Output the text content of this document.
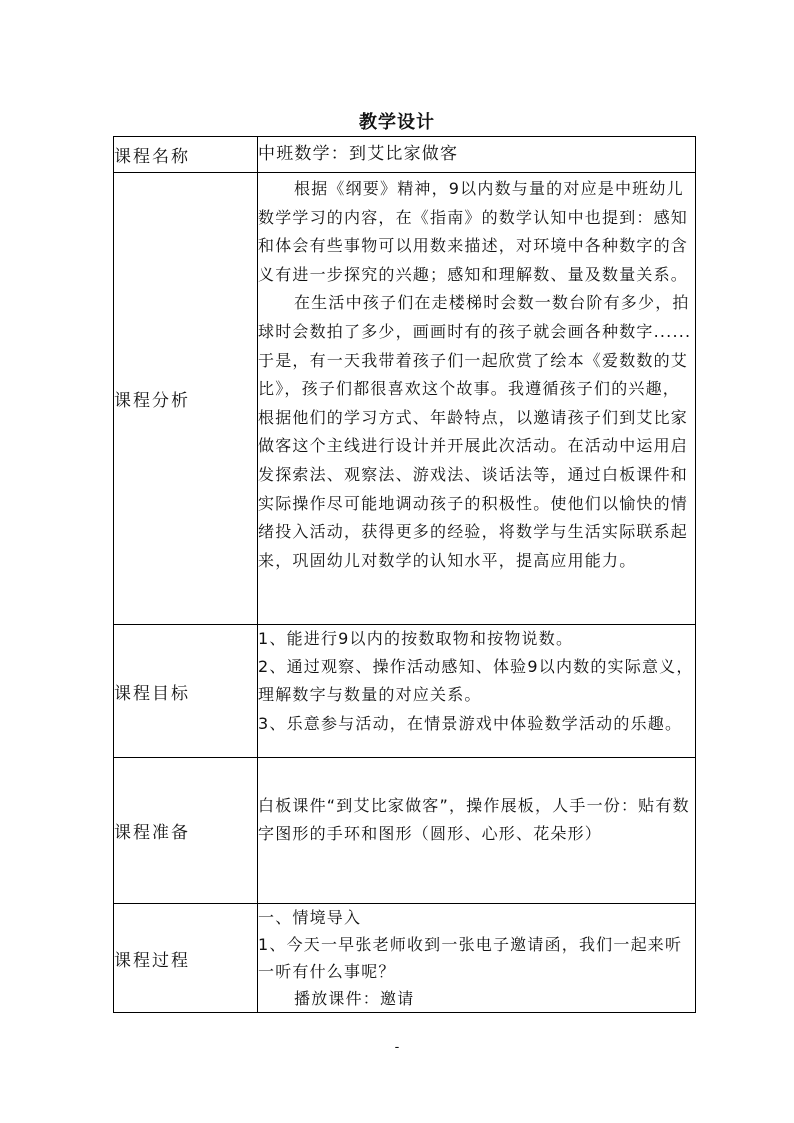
教学设计
课程名称	中班数学：到艾比家做客
课程分析	根据《纲要》精神，9以内数与量的对应是中班幼儿数学学习的内容，在《指南》的数学认知中也提到：感知和体会有些事物可以用数来描述，对环境中各种数字的含义有进一步探究的兴趣；感知和理解数、量及数量关系。

在生活中孩子们在走楼梯时会数一数台阶有多少，拍球时会数拍了多少，画画时有的孩子就会画各种数字......于是，有一天我带着孩子们一起欣赏了绘本《爱数数的艾比》，孩子们都很喜欢这个故事。我遵循孩子们的兴趣，根据他们的学习方式、年龄特点，以邀请孩子们到艾比家做客这个主线进行设计并开展此次活动。在活动中运用启发探索法、观察法、游戏法、谈话法等，通过白板课件和实际操作尽可能地调动孩子的积极性。使他们以愉快的情绪投入活动，获得更多的经验，将数学与生活实际联系起来，巩固幼儿对数学的认知水平，提高应用能力。

课程目标	1、能进行9以内的按数取物和按物说数。

2、通过观察、操作活动感知、体验9以内数的实际意义，理解数字与数量的对应关系。

3、乐意参与活动，在情景游戏中体验数学活动的乐趣。

课程准备	白板课件“到艾比家做客”，操作展板，人手一份：贴有数字图形的手环和图形（圆形、心形、花朵形）

课程过程	一、情境导入

1、今天一早张老师收到一张电子邀请函，我们一起来听一听有什么事呢？

播放课件：邀请

-
